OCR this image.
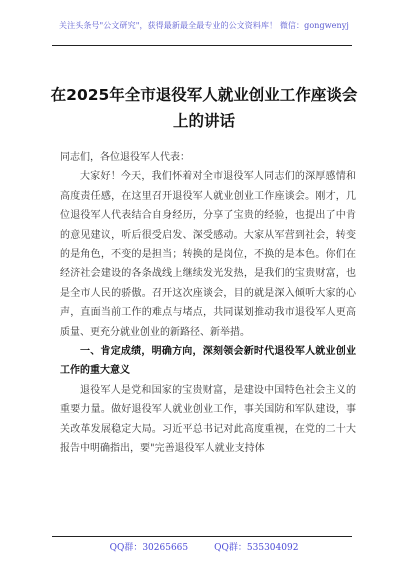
关注头条号"公文研究"，获得最新最全最专业的公文资料库！ 微信：gongwenyj
在2025年全市退役军人就业创业工作座谈会
上的讲话

同志们，各位退役军人代表：

大家好！今天，我们怀着对全市退役军人同志们的深厚感情和高度责任感，在这里召开退役军人就业创业工作座谈会。刚才，几位退役军人代表结合自身经历，分享了宝贵的经验，也提出了中肯的意见建议，听后很受启发、深受感动。大家从军营到社会，转变的是角色，不变的是担当；转换的是岗位，不换的是本色。你们在经济社会建设的各条战线上继续发光发热，是我们的宝贵财富，也是全市人民的骄傲。召开这次座谈会，目的就是深入倾听大家的心声，直面当前工作的难点与堵点，共同谋划推动我市退役军人更高质量、更充分就业创业的新路径、新举措。

一、肯定成绩，明确方向，深刻领会新时代退役军人就业创业工作的重大意义

退役军人是党和国家的宝贵财富，是建设中国特色社会主义的重要力量。做好退役军人就业创业工作，事关国防和军队建设，事关改革发展稳定大局。习近平总书记对此高度重视，在党的二十大报告中明确指出，要"完善退役军人就业支持体

QQ群：30265665	QQ群：535304092
